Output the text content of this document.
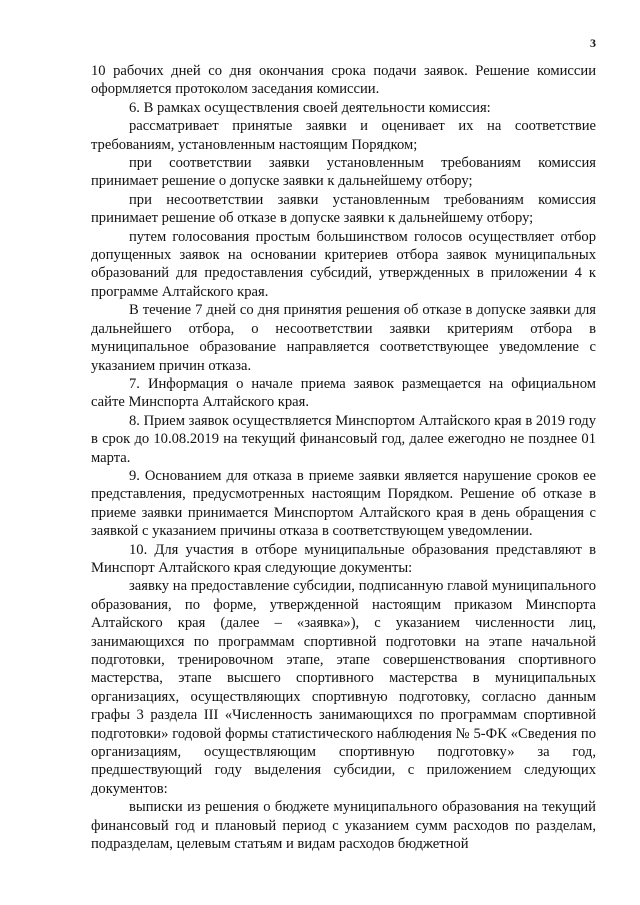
3

10 рабочих дней со дня окончания срока подачи заявок. Решение комиссии оформляется протоколом заседания комиссии.

6. В рамках осуществления своей деятельности комиссия:

рассматривает принятые заявки и оценивает их на соответствие требованиям, установленным настоящим Порядком;

при соответствии заявки установленным требованиям комиссия принимает решение о допуске заявки к дальнейшему отбору;

при несоответствии заявки установленным требованиям комиссия принимает решение об отказе в допуске заявки к дальнейшему отбору;

путем голосования простым большинством голосов осуществляет отбор допущенных заявок на основании критериев отбора заявок муниципальных образований для предоставления субсидий, утвержденных в приложении 4 к программе Алтайского края.

В течение 7 дней со дня принятия решения об отказе в допуске заявки для дальнейшего отбора, о несоответствии заявки критериям отбора в муниципальное образование направляется соответствующее уведомление с указанием причин отказа.

7. Информация о начале приема заявок размещается на официальном сайте Минспорта Алтайского края.

8. Прием заявок осуществляется Минспортом Алтайского края в 2019 году в срок до 10.08.2019 на текущий финансовый год, далее ежегодно не позднее 01 марта.

9. Основанием для отказа в приеме заявки является нарушение сроков ее представления, предусмотренных настоящим Порядком. Решение об отказе в приеме заявки принимается Минспортом Алтайского края в день обращения с заявкой с указанием причины отказа в соответствующем уведомлении.

10. Для участия в отборе муниципальные образования представляют в Минспорт Алтайского края следующие документы:

заявку на предоставление субсидии, подписанную главой муниципального образования, по форме, утвержденной настоящим приказом Минспорта Алтайского края (далее – «заявка»), с указанием численности лиц, занимающихся по программам спортивной подготовки на этапе начальной подготовки, тренировочном этапе, этапе совершенствования спортивного мастерства, этапе высшего спортивного мастерства в муниципальных организациях, осуществляющих спортивную подготовку, согласно данным графы 3 раздела III «Численность занимающихся по программам спортивной подготовки» годовой формы статистического наблюдения № 5-ФК «Сведения по организациям, осуществляющим спортивную подготовку» за год, предшествующий году выделения субсидии, с приложением следующих документов:

выписки из решения о бюджете муниципального образования на текущий финансовый год и плановый период с указанием сумм расходов по разделам, подразделам, целевым статьям и видам расходов бюджетной
